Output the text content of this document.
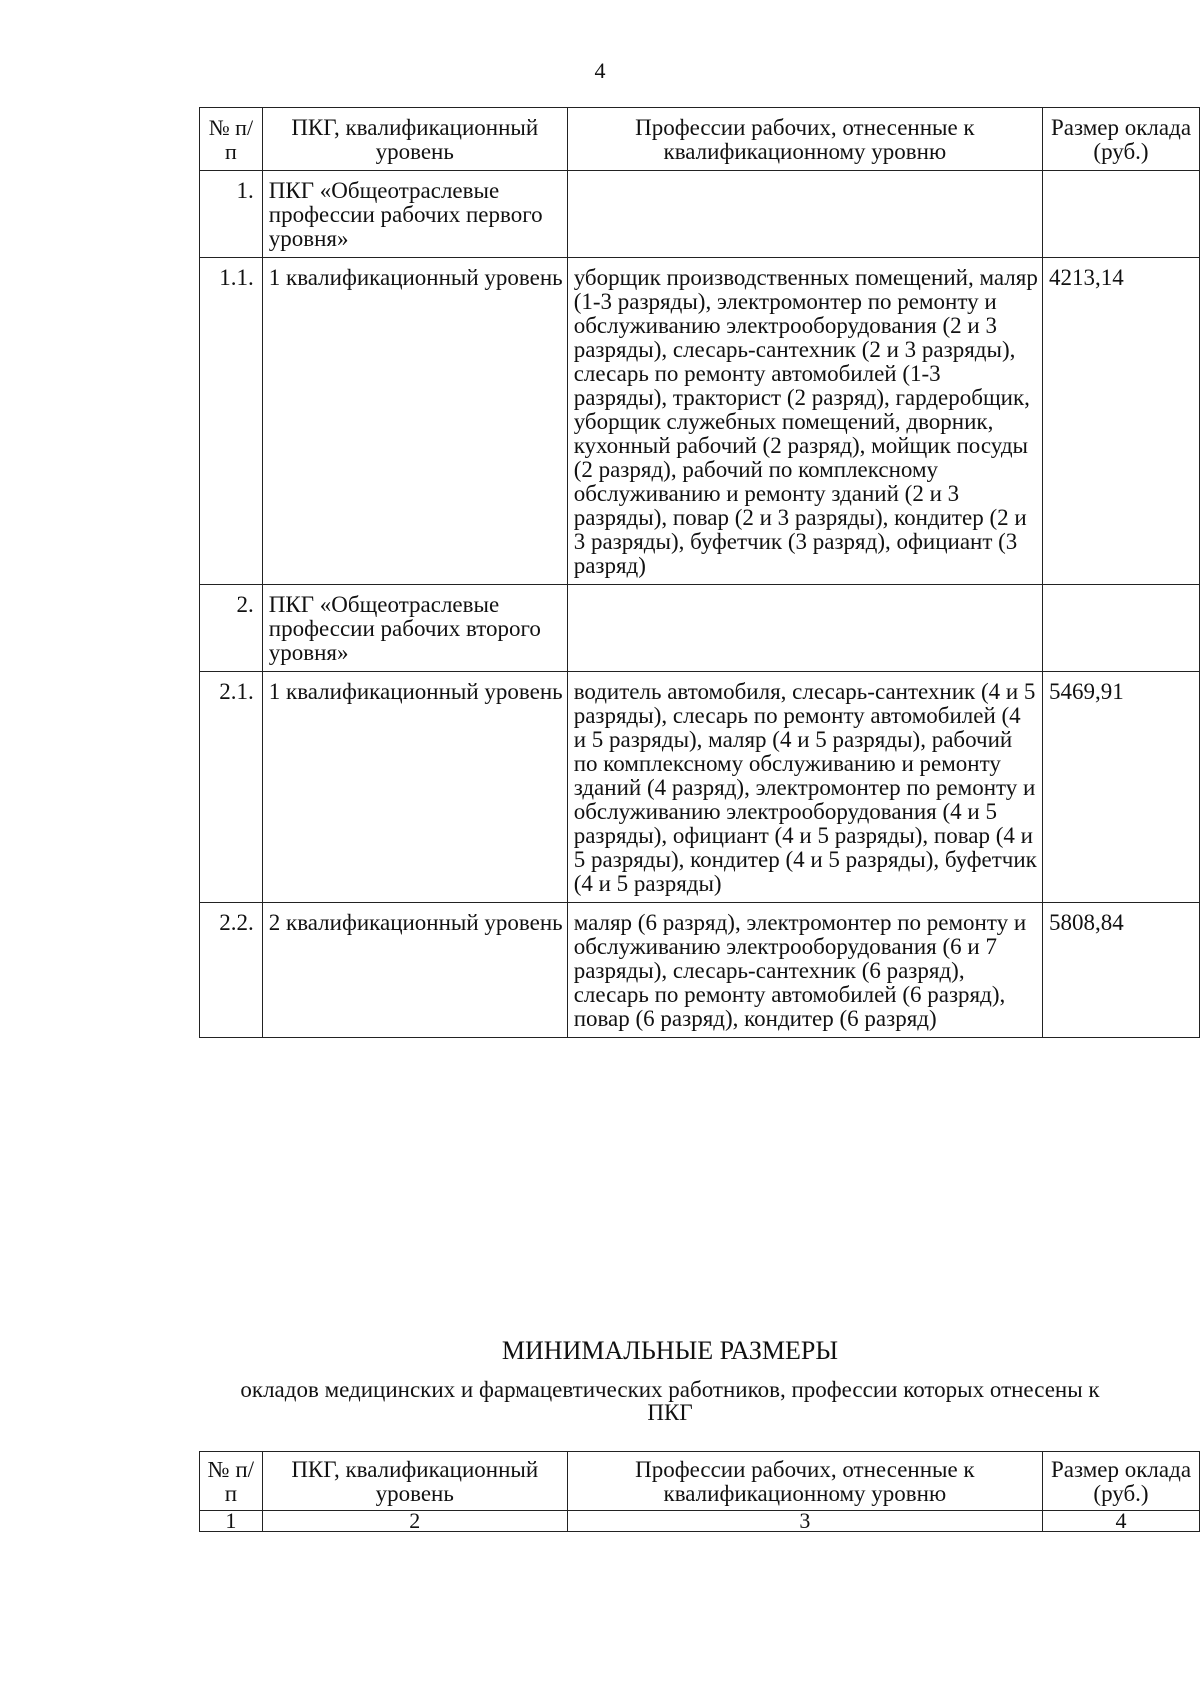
4
№ п/п	ПКГ, квалификационный уровень	Профессии рабочих, отнесенные к квалификационному уровню	Размер оклада (руб.)
1.	ПКГ «Общеотраслевые профессии рабочих первого уровня»		
1.1.	1 квалификационный уровень	уборщик производственных помещений, маляр (1-3 разряды), электромонтер по ремонту и обслуживанию электрооборудования (2 и 3 разряды), слесарь-сантехник (2 и 3 разряды), слесарь по ремонту автомобилей (1-3 разряды), тракторист (2 разряд), гардеробщик, уборщик служебных помещений, дворник, кухонный рабочий (2 разряд), мойщик посуды (2 разряд), рабочий по комплексному обслуживанию и ремонту зданий (2 и 3 разряды), повар (2 и 3 разряды), кондитер (2 и 3 разряды), буфетчик (3 разряд), официант (3 разряд)	4213,14
2.	ПКГ «Общеотраслевые профессии рабочих второго уровня»		
2.1.	1 квалификационный уровень	водитель автомобиля, слесарь-сантехник (4 и 5 разряды), слесарь по ремонту автомобилей (4 и 5 разряды), маляр (4 и 5 разряды), рабочий по комплексному обслуживанию и ремонту зданий (4 разряд), электромонтер по ремонту и обслуживанию электрооборудования (4 и 5 разряды), официант (4 и 5 разряды), повар (4 и 5 разряды), кондитер (4 и 5 разряды), буфетчик (4 и 5 разряды)	5469,91
2.2.	2 квалификационный уровень	маляр (6 разряд), электромонтер по ремонту и обслуживанию электрооборудования (6 и 7 разряды), слесарь-сантехник (6 разряд), слесарь по ремонту автомобилей (6 разряд), повар (6 разряд), кондитер (6 разряд)	5808,84
МИНИМАЛЬНЫЕ РАЗМЕРЫ
окладов медицинских и фармацевтических работников, профессии которых отнесены к ПКГ
№ п/п	ПКГ, квалификационный уровень	Профессии рабочих, отнесенные к квалификационному уровню	Размер оклада (руб.)
1	2	3	4
